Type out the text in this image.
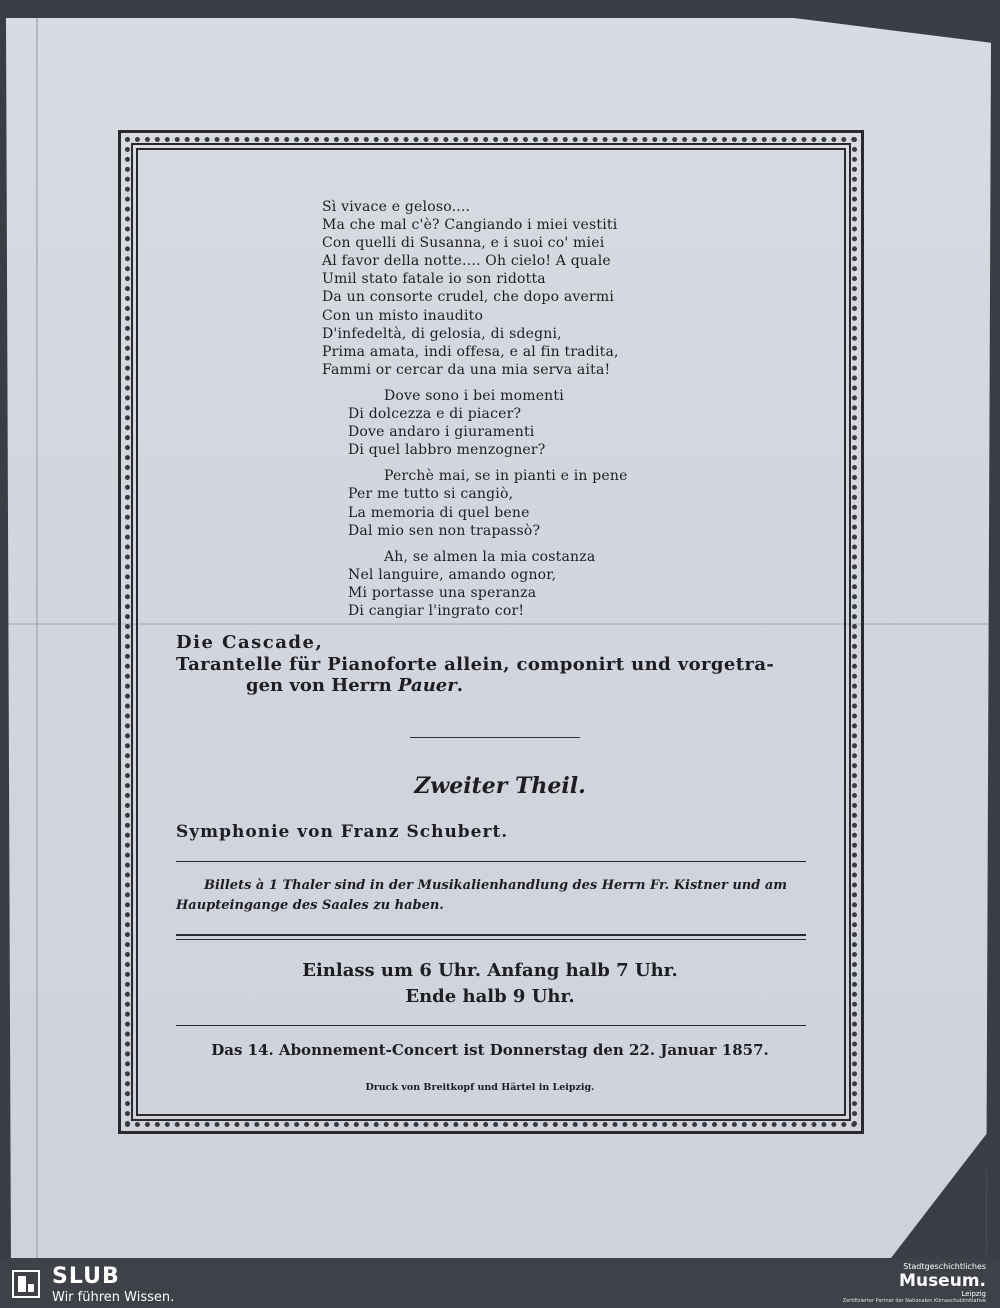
Sì vivace e geloso....
Ma che mal c'è? Cangiando i miei vestiti
Con quelli di Susanna, e i suoi co' miei
Al favor della notte.... Oh cielo! A quale
Umil stato fatale io son ridotta
Da un consorte crudel, che dopo avermi
Con un misto inaudito
D'infedeltà, di gelosia, di sdegni,
Prima amata, indi offesa, e al fin tradita,
Fammi or cercar da una mia serva aita!
Dove sono i bei momenti
Di dolcezza e di piacer?
Dove andaro i giuramenti
Di quel labbro menzogner?
Perchè mai, se in pianti e in pene
Per me tutto si cangiò,
La memoria di quel bene
Dal mio sen non trapassò?
Ah, se almen la mia costanza
Nel languire, amando ognor,
Mi portasse una speranza
Di cangiar l'ingrato cor!
Die Cascade,
Tarantelle für Pianoforte allein, componirt und vorgetra-
gen von Herrn Pauer.
Zweiter Theil.
Symphonie von Franz Schubert.
Billets à 1 Thaler sind in der Musikalienhandlung des Herrn Fr. Kistner und am Haupteingange des Saales zu haben.
Einlass um 6 Uhr. Anfang halb 7 Uhr.
Ende halb 9 Uhr.
Das 14. Abonnement-Concert ist Donnerstag den 22. Januar 1857.
Druck von Breitkopf und Härtel in Leipzig.
SLUB
Wir führen Wissen.
Stadtgeschichtliches
Museum.
Leipzig
Zertifizierter Partner der Nationalen Klimaschutzinitiative
